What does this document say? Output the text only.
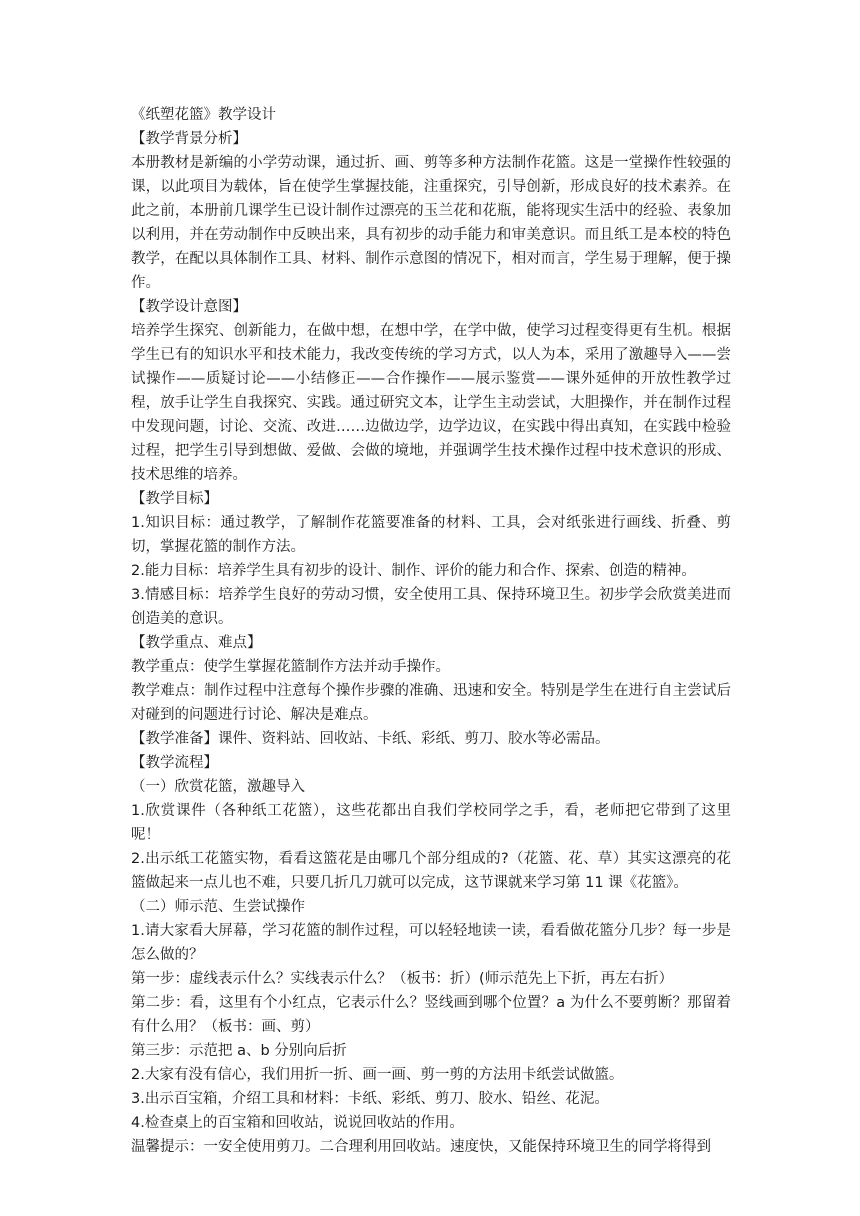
《纸塑花篮》教学设计

【教学背景分析】

本册教材是新编的小学劳动课，通过折、画、剪等多种方法制作花篮。这是一堂操作性较强的课，以此项目为载体，旨在使学生掌握技能，注重探究，引导创新，形成良好的技术素养。在此之前，本册前几课学生已设计制作过漂亮的玉兰花和花瓶，能将现实生活中的经验、表象加以利用，并在劳动制作中反映出来，具有初步的动手能力和审美意识。而且纸工是本校的特色教学，在配以具体制作工具、材料、制作示意图的情况下，相对而言，学生易于理解，便于操作。

【教学设计意图】

培养学生探究、创新能力，在做中想，在想中学，在学中做，使学习过程变得更有生机。根据学生已有的知识水平和技术能力，我改变传统的学习方式，以人为本，采用了激趣导入——尝试操作——质疑讨论——小结修正——合作操作——展示鉴赏——课外延伸的开放性教学过程，放手让学生自我探究、实践。通过研究文本，让学生主动尝试，大胆操作，并在制作过程中发现问题，讨论、交流、改进……边做边学，边学边议，在实践中得出真知，在实践中检验过程，把学生引导到想做、爱做、会做的境地，并强调学生技术操作过程中技术意识的形成、技术思维的培养。

【教学目标】

1.知识目标：通过教学，了解制作花篮要准备的材料、工具，会对纸张进行画线、折叠、剪切，掌握花篮的制作方法。

2.能力目标：培养学生具有初步的设计、制作、评价的能力和合作、探索、创造的精神。

3.情感目标：培养学生良好的劳动习惯，安全使用工具、保持环境卫生。初步学会欣赏美进而创造美的意识。

【教学重点、难点】

教学重点：使学生掌握花篮制作方法并动手操作。

教学难点：制作过程中注意每个操作步骤的准确、迅速和安全。特别是学生在进行自主尝试后对碰到的问题进行讨论、解决是难点。

【教学准备】课件、资料站、回收站、卡纸、彩纸、剪刀、胶水等必需品。

【教学流程】

（一）欣赏花篮，激趣导入

1.欣赏课件（各种纸工花篮），这些花都出自我们学校同学之手，看，老师把它带到了这里呢！

2.出示纸工花篮实物，看看这篮花是由哪几个部分组成的?（花篮、花、草）其实这漂亮的花篮做起来一点儿也不难，只要几折几刀就可以完成，这节课就来学习第 11 课《花篮》。

（二）师示范、生尝试操作

1.请大家看大屏幕，学习花篮的制作过程，可以轻轻地读一读，看看做花篮分几步？每一步是怎么做的？

第一步：虚线表示什么？实线表示什么？（板书：折）(师示范先上下折，再左右折）

第二步：看，这里有个小红点，它表示什么？竖线画到哪个位置？a 为什么不要剪断？那留着有什么用？（板书：画、剪）

第三步：示范把 a、b 分别向后折

2.大家有没有信心，我们用折一折、画一画、剪一剪的方法用卡纸尝试做篮。

3.出示百宝箱，介绍工具和材料：卡纸、彩纸、剪刀、胶水、铅丝、花泥。

4.检查桌上的百宝箱和回收站，说说回收站的作用。

温馨提示：一安全使用剪刀。二合理利用回收站。速度快，又能保持环境卫生的同学将得到
